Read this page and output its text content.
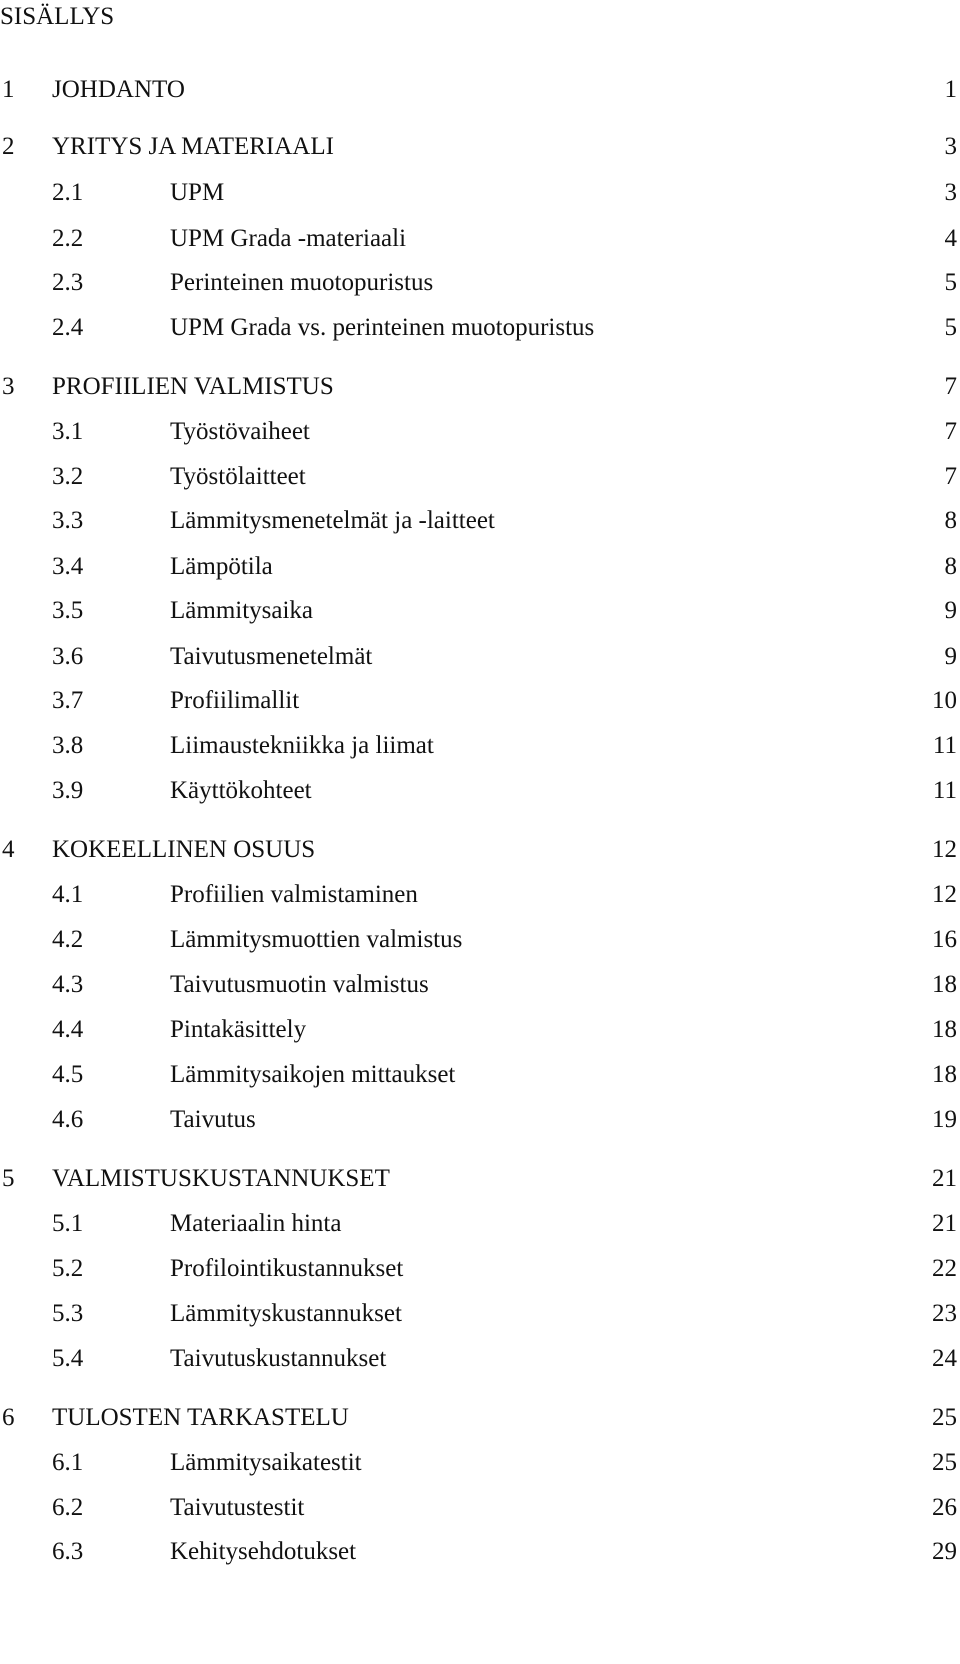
SISÄLLYS
1 JOHDANTO	1
2 YRITYS JA MATERIAALI	3
2.1	UPM	3
2.2	UPM Grada -materiaali	4
2.3	Perinteinen muotopuristus	5
2.4	UPM Grada vs. perinteinen muotopuristus	5
3 PROFIILIEN VALMISTUS	7
3.1	Työstövaiheet	7
3.2	Työstölaitteet	7
3.3	Lämmitysmenetelmät ja -laitteet	8
3.4	Lämpötila	8
3.5	Lämmitysaika	9
3.6	Taivutusmenetelmät	9
3.7	Profiilimallit	10
3.8	Liimaustekniikka ja liimat	11
3.9	Käyttökohteet	11
4 KOKEELLINEN OSUUS	12
4.1	Profiilien valmistaminen	12
4.2	Lämmitysmuottien valmistus	16
4.3	Taivutusmuotin valmistus	18
4.4	Pintakäsittely	18
4.5	Lämmitysaikojen mittaukset	18
4.6	Taivutus	19
5 VALMISTUSKUSTANNUKSET	21
5.1	Materiaalin hinta	21
5.2	Profilointikustannukset	22
5.3	Lämmityskustannukset	23
5.4	Taivutuskustannukset	24
6 TULOSTEN TARKASTELU	25
6.1	Lämmitysaikatestit	25
6.2	Taivutustestit	26
6.3	Kehitysehdotukset	29
